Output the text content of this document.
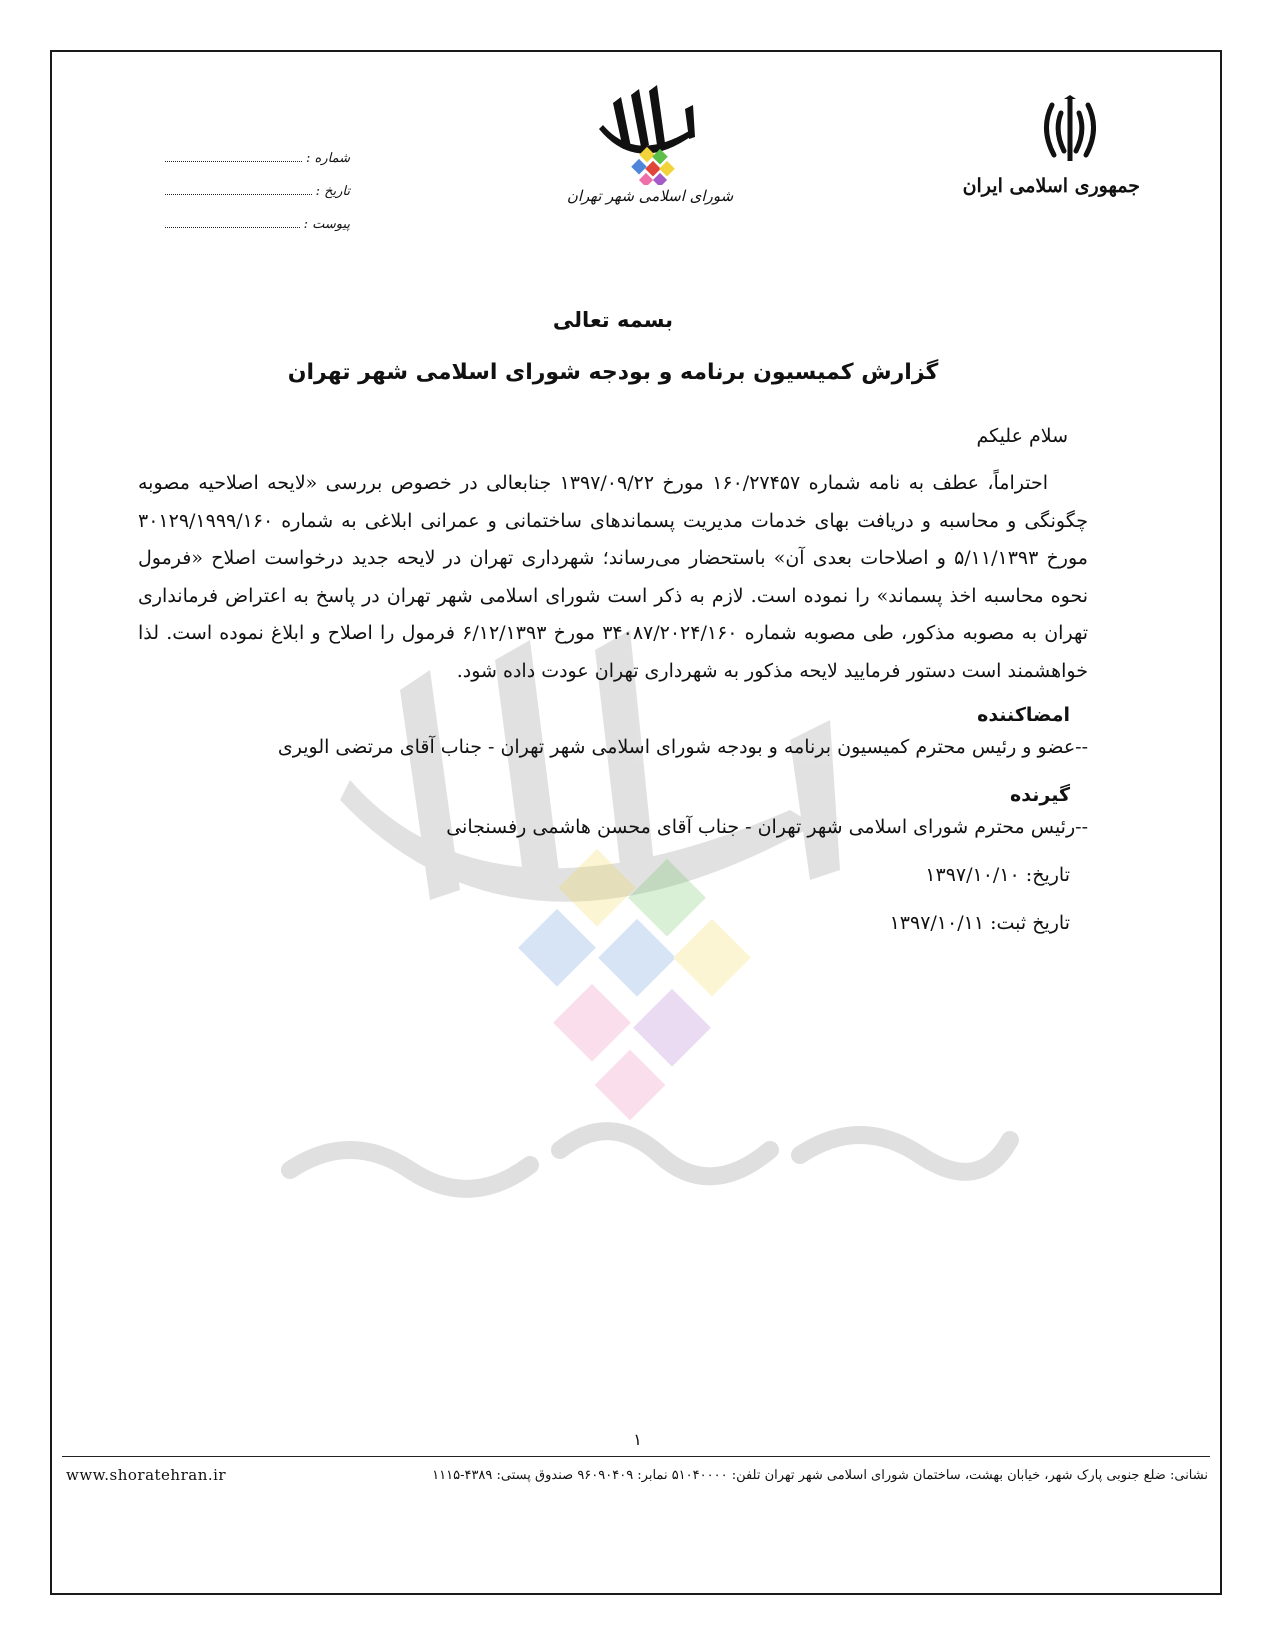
جمهوری اسلامی ایران
شورای اسلامی شهر تهران
شماره :
تاریخ :
پیوست :
بسمه تعالی
گزارش کمیسیون برنامه و بودجه شورای اسلامی شهر تهران
سلام علیکم

احتراماً، عطف به نامه شماره ۱۶۰/۲۷۴۵۷ مورخ ۱۳۹۷/۰۹/۲۲ جنابعالی در خصوص بررسی «لایحه اصلاحیه مصوبه چگونگی و محاسبه و دریافت بهای خدمات مدیریت پسماندهای ساختمانی و عمرانی ابلاغی به شماره ۳۰۱۲۹/۱۹۹۹/۱۶۰ مورخ ۵/۱۱/۱۳۹۳ و اصلاحات بعدی آن» باستحضار می‌رساند؛ شهرداری تهران در لایحه جدید درخواست اصلاح «فرمول نحوه محاسبه اخذ پسماند» را نموده است. لازم به ذکر است شورای اسلامی شهر تهران در پاسخ به اعتراض فرمانداری تهران به مصوبه مذکور، طی مصوبه شماره ۳۴۰۸۷/۲۰۲۴/۱۶۰ مورخ ۶/۱۲/۱۳۹۳ فرمول را اصلاح و ابلاغ نموده است. لذا خواهشمند است دستور فرمایید لایحه مذکور به شهرداری تهران عودت داده شود.

امضاکننده
--عضو و رئیس محترم کمیسیون برنامه و بودجه شورای اسلامی شهر تهران - جناب آقای مرتضی الویری
گیرنده
--رئیس محترم شورای اسلامی شهر تهران - جناب آقای محسن هاشمی رفسنجانی
تاریخ: ۱۳۹۷/۱۰/۱۰
تاریخ ثبت: ۱۳۹۷/۱۰/۱۱
۱
نشانی: ضلع جنوبی پارک شهر، خیابان بهشت، ساختمان شورای اسلامی شهر تهران تلفن: ۵۱۰۴۰۰۰۰ نمابر: ۹۶۰۹۰۴۰۹ صندوق پستی: ۴۳۸۹-۱۱۱۵
www.shoratehran.ir
